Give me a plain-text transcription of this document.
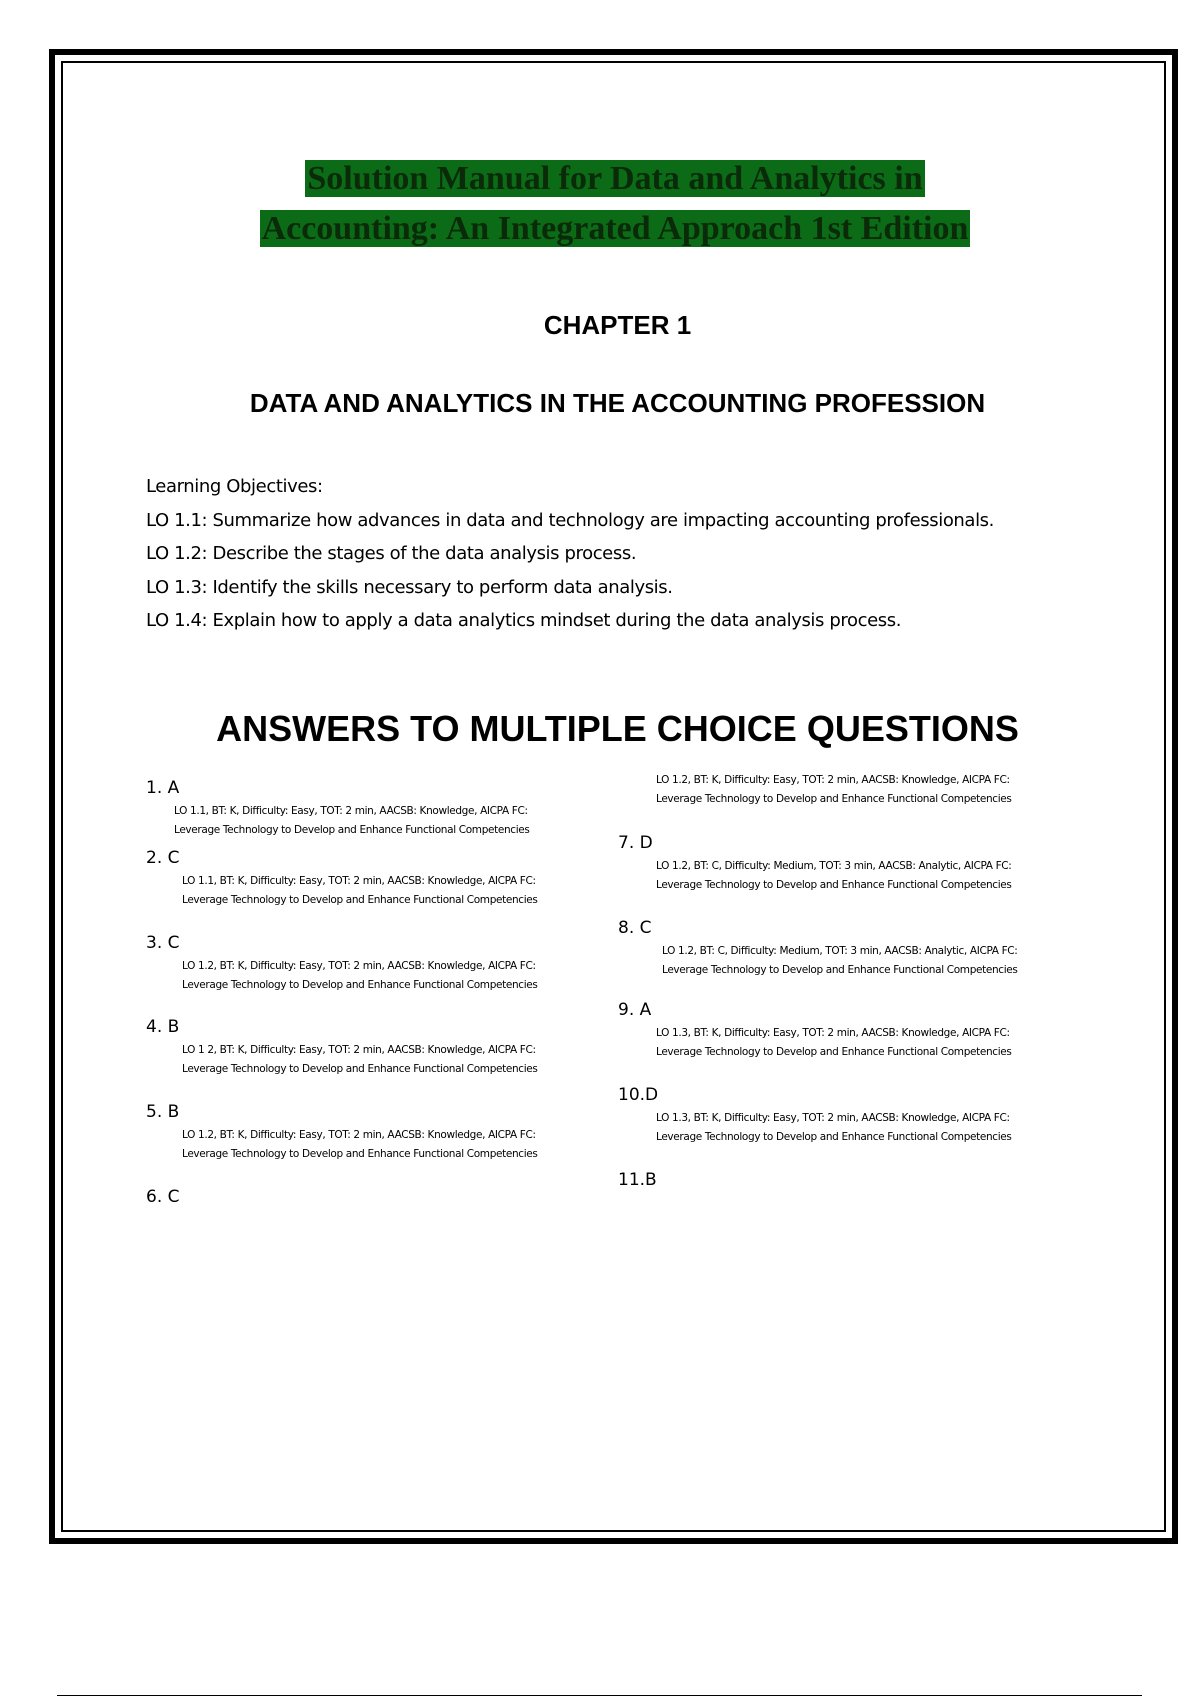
Solution Manual for Data and Analytics in
Accounting: An Integrated Approach 1st Edition
CHAPTER 1
DATA AND ANALYTICS IN THE ACCOUNTING PROFESSION
Learning Objectives:
LO 1.1: Summarize how advances in data and technology are impacting accounting professionals.
LO 1.2: Describe the stages of the data analysis process.
LO 1.3: Identify the skills necessary to perform data analysis.
LO 1.4: Explain how to apply a data analytics mindset during the data analysis process.
ANSWERS TO MULTIPLE CHOICE QUESTIONS
1. A
LO 1.1, BT: K, Difficulty: Easy, TOT: 2 min, AACSB: Knowledge, AICPA FC:
Leverage Technology to Develop and Enhance Functional Competencies
2. C
LO 1.1, BT: K, Difficulty: Easy, TOT: 2 min, AACSB: Knowledge, AICPA FC:
Leverage Technology to Develop and Enhance Functional Competencies
3. C
LO 1.2, BT: K, Difficulty: Easy, TOT: 2 min, AACSB: Knowledge, AICPA FC:
Leverage Technology to Develop and Enhance Functional Competencies
4. B
LO 1 2, BT: K, Difficulty: Easy, TOT: 2 min, AACSB: Knowledge, AICPA FC:
Leverage Technology to Develop and Enhance Functional Competencies
5. B
LO 1.2, BT: K, Difficulty: Easy, TOT: 2 min, AACSB: Knowledge, AICPA FC:
Leverage Technology to Develop and Enhance Functional Competencies
6. C
LO 1.2, BT: K, Difficulty: Easy, TOT: 2 min, AACSB: Knowledge, AICPA FC:
Leverage Technology to Develop and Enhance Functional Competencies
7. D
LO 1.2, BT: C, Difficulty: Medium, TOT: 3 min, AACSB: Analytic, AICPA FC:
Leverage Technology to Develop and Enhance Functional Competencies
8. C
LO 1.2, BT: C, Difficulty: Medium, TOT: 3 min, AACSB: Analytic, AICPA FC:
Leverage Technology to Develop and Enhance Functional Competencies
9. A
LO 1.3, BT: K, Difficulty: Easy, TOT: 2 min, AACSB: Knowledge, AICPA FC:
Leverage Technology to Develop and Enhance Functional Competencies
10.D
LO 1.3, BT: K, Difficulty: Easy, TOT: 2 min, AACSB: Knowledge, AICPA FC:
Leverage Technology to Develop and Enhance Functional Competencies
11.B
